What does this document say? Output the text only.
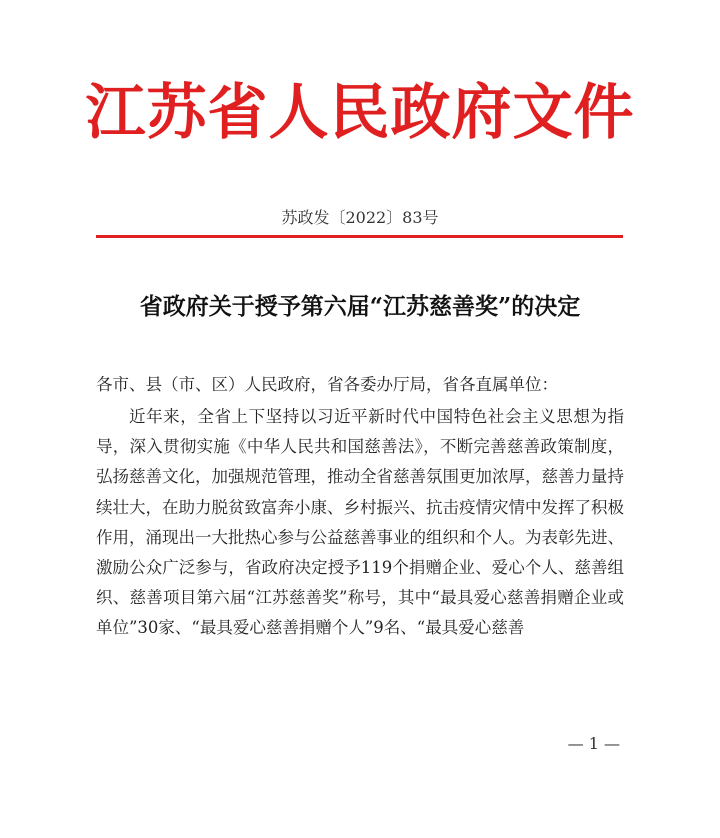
江苏省人民政府文件
苏政发〔2022〕83号
省政府关于授予第六届“江苏慈善奖”的决定
各市、县（市、区）人民政府，省各委办厅局，省各直属单位：
近年来，全省上下坚持以习近平新时代中国特色社会主义思想为指导，深入贯彻实施《中华人民共和国慈善法》，不断完善慈善政策制度，弘扬慈善文化，加强规范管理，推动全省慈善氛围更加浓厚，慈善力量持续壮大，在助力脱贫致富奔小康、乡村振兴、抗击疫情灾情中发挥了积极作用，涌现出一大批热心参与公益慈善事业的组织和个人。为表彰先进、激励公众广泛参与，省政府决定授予119个捐赠企业、爱心个人、慈善组织、慈善项目第六届“江苏慈善奖”称号，其中“最具爱心慈善捐赠企业或单位”30家、“最具爱心慈善捐赠个人”9名、“最具爱心慈善
— 1 —
